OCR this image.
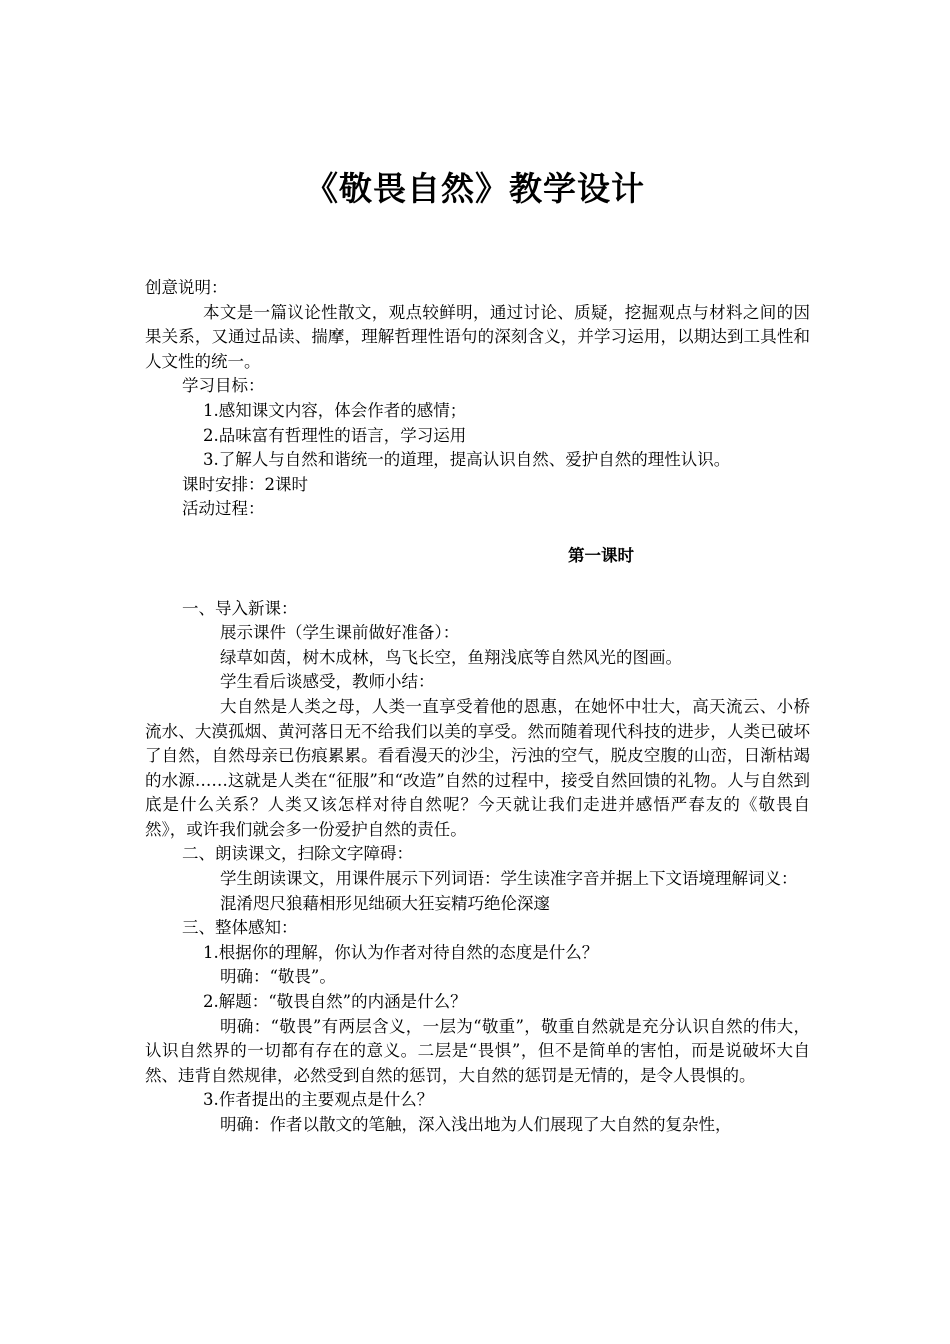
《敬畏自然》教学设计

创意说明：

本文是一篇议论性散文，观点较鲜明，通过讨论、质疑，挖掘观点与材料之间的因果关系，又通过品读、揣摩，理解哲理性语句的深刻含义，并学习运用，以期达到工具性和人文性的统一。

学习目标：

1.感知课文内容，体会作者的感情；

2.品味富有哲理性的语言，学习运用

3.了解人与自然和谐统一的道理，提高认识自然、爱护自然的理性认识。

课时安排：2课时

活动过程：

第一课时

一、导入新课：

展示课件（学生课前做好准备）：

绿草如茵，树木成林，鸟飞长空，鱼翔浅底等自然风光的图画。

学生看后谈感受，教师小结：

大自然是人类之母，人类一直享受着他的恩惠，在她怀中壮大，高天流云、小桥流水、大漠孤烟、黄河落日无不给我们以美的享受。然而随着现代科技的进步，人类已破坏了自然，自然母亲已伤痕累累。看看漫天的沙尘，污浊的空气，脱皮空腹的山峦，日渐枯竭的水源……这就是人类在“征服”和“改造”自然的过程中，接受自然回馈的礼物。人与自然到底是什么关系？人类又该怎样对待自然呢？今天就让我们走进并感悟严春友的《敬畏自然》，或许我们就会多一份爱护自然的责任。

二、朗读课文，扫除文字障碍：

学生朗读课文，用课件展示下列词语：学生读准字音并据上下文语境理解词义：

混淆咫尺狼藉相形见绌硕大狂妄精巧绝伦深邃

三、整体感知：

1.根据你的理解，你认为作者对待自然的态度是什么？

明确：“敬畏”。

2.解题：“敬畏自然”的内涵是什么？

明确：“敬畏”有两层含义，一层为“敬重”，敬重自然就是充分认识自然的伟大，认识自然界的一切都有存在的意义。二层是“畏惧”，但不是简单的害怕，而是说破坏大自然、违背自然规律，必然受到自然的惩罚，大自然的惩罚是无情的，是令人畏惧的。

3.作者提出的主要观点是什么？

明确：作者以散文的笔触，深入浅出地为人们展现了大自然的复杂性，
